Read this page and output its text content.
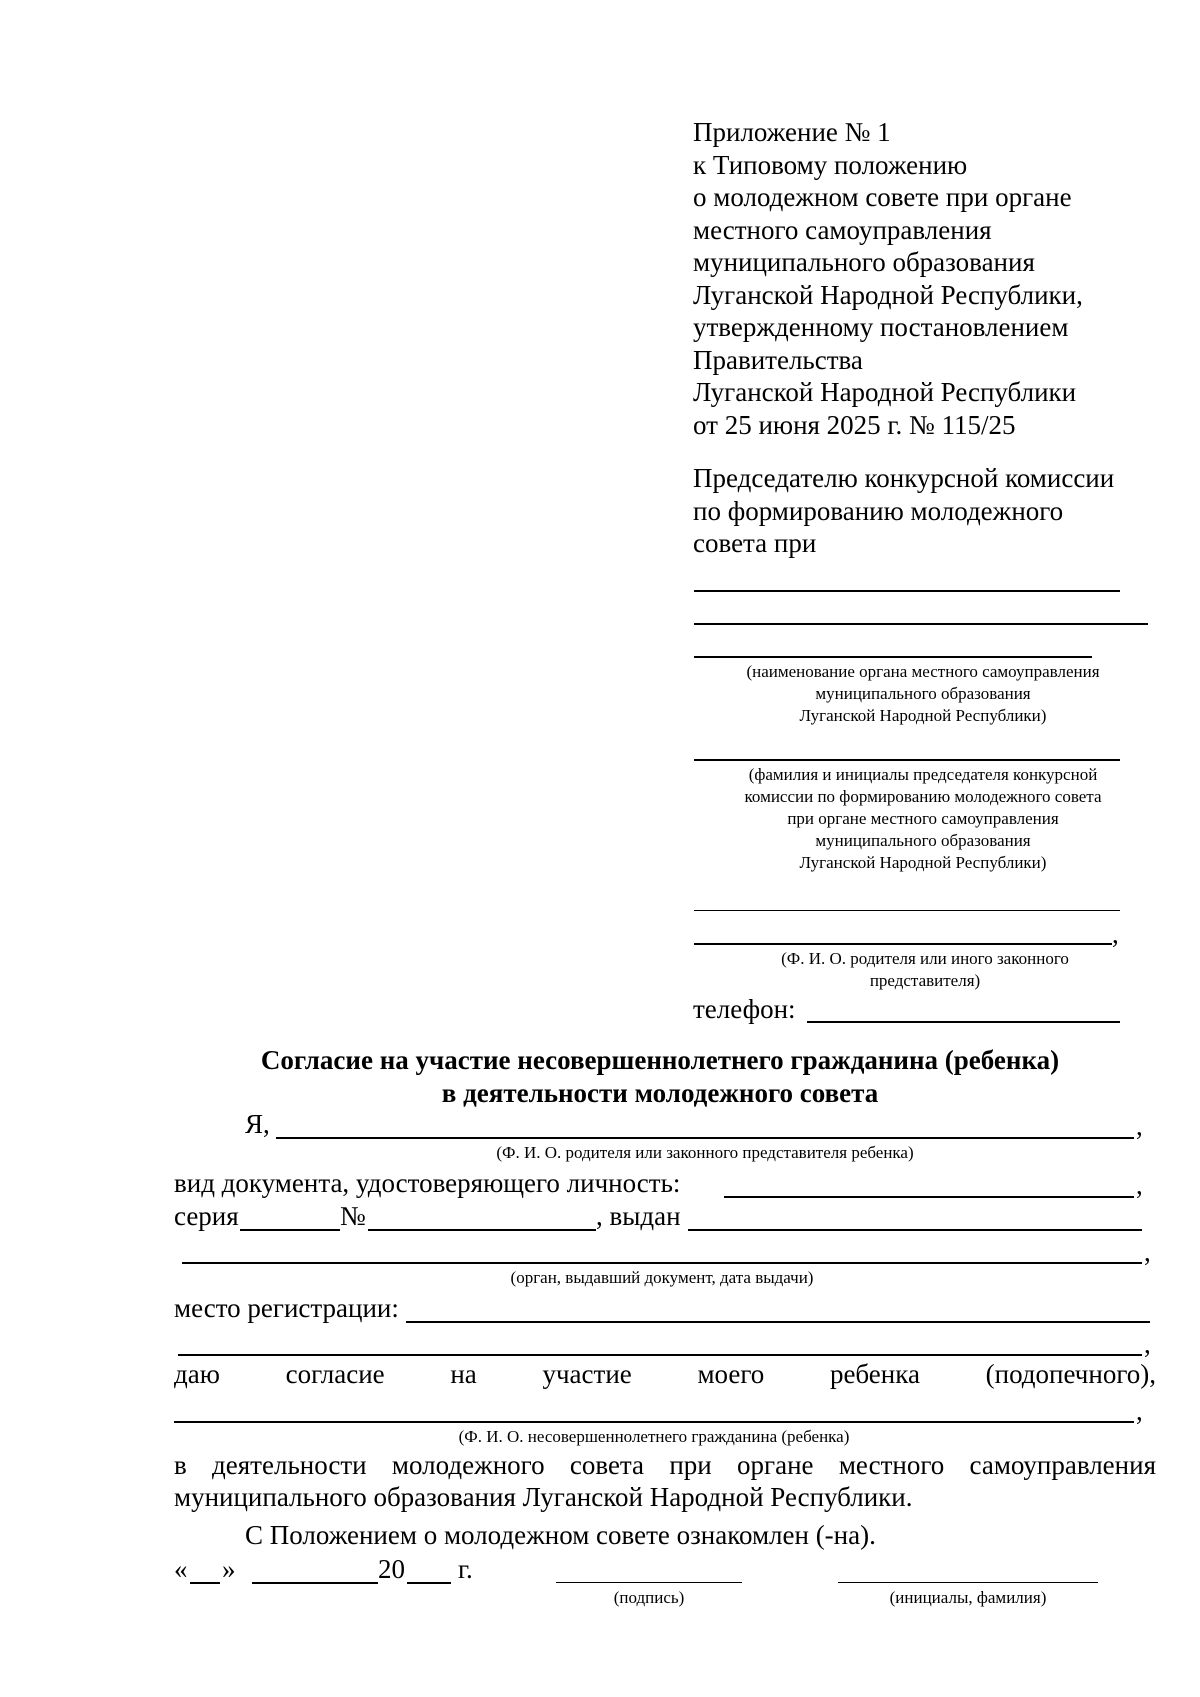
Приложение № 1
к Типовому положению
о молодежном совете при органе
местного самоуправления
муниципального образования
Луганской Народной Республики,
утвержденному постановлением
Правительства
Луганской Народной Республики
от 25 июня 2025 г. № 115/25
Председателю конкурсной комиссии
по формированию молодежного
совета при
(наименование органа местного самоуправления
муниципального образования
Луганской Народной Республики)
(фамилия и инициалы председателя конкурсной
комиссии по формированию молодежного совета
при органе местного самоуправления
муниципального образования
Луганской Народной Республики)
,
(Ф. И. О. родителя или иного законного
представителя)
телефон:
Согласие на участие несовершеннолетнего гражданина (ребенка)
в деятельности молодежного совета
Я,	,
(Ф. И. О. родителя или законного представителя ребенка)
вид документа, удостоверяющего личность:	,
серия	№	, выдан
,
(орган, выдавший документ, дата выдачи)
место регистрации:
,
даю согласие на участие моего ребенка (подопечного),
,
(Ф. И. О. несовершеннолетнего гражданина (ребенка)
в деятельности молодежного совета при органе местного самоуправления
муниципального образования Луганской Народной Республики.
С Положением о молодежном совете ознакомлен (-на).
« »	20 г.
(подпись)	(инициалы, фамилия)
